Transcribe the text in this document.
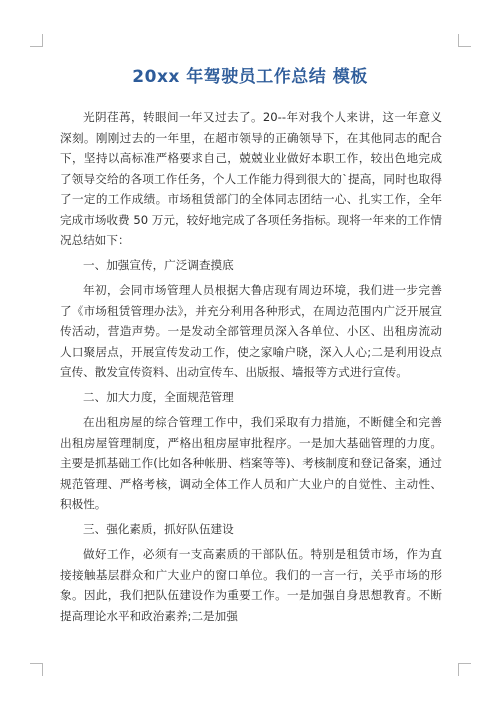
20xx 年驾驶员工作总结 模板

光阴荏苒，转眼间一年又过去了。20--年对我个人来讲，这一年意义深刻。刚刚过去的一年里，在超市领导的正确领导下，在其他同志的配合下，坚持以高标准严格要求自己，兢兢业业做好本职工作，较出色地完成了领导交给的各项工作任务，个人工作能力得到很大的`提高，同时也取得了一定的工作成绩。市场租赁部门的全体同志团结一心、扎实工作，全年完成市场收费 50 万元，较好地完成了各项任务指标。现将一年来的工作情况总结如下：

一、加强宣传，广泛调查摸底

年初，会同市场管理人员根据大鲁店现有周边环境，我们进一步完善了《市场租赁管理办法》，并充分利用各种形式，在周边范围内广泛开展宣传活动，营造声势。一是发动全部管理员深入各单位、小区、出租房流动人口聚居点，开展宣传发动工作，使之家喻户晓，深入人心;二是利用设点宣传、散发宣传资料、出动宣传车、出版报、墙报等方式进行宣传。

二、加大力度，全面规范管理

在出租房屋的综合管理工作中，我们采取有力措施，不断健全和完善出租房屋管理制度，严格出租房屋审批程序。一是加大基础管理的力度。主要是抓基础工作(比如各种帐册、档案等等)、考核制度和登记备案，通过规范管理、严格考核，调动全体工作人员和广大业户的自觉性、主动性、积极性。

三、强化素质，抓好队伍建设

做好工作，必须有一支高素质的干部队伍。特别是租赁市场，作为直接接触基层群众和广大业户的窗口单位。我们的一言一行，关乎市场的形象。因此，我们把队伍建设作为重要工作。一是加强自身思想教育。不断提高理论水平和政治素养;二是加强
